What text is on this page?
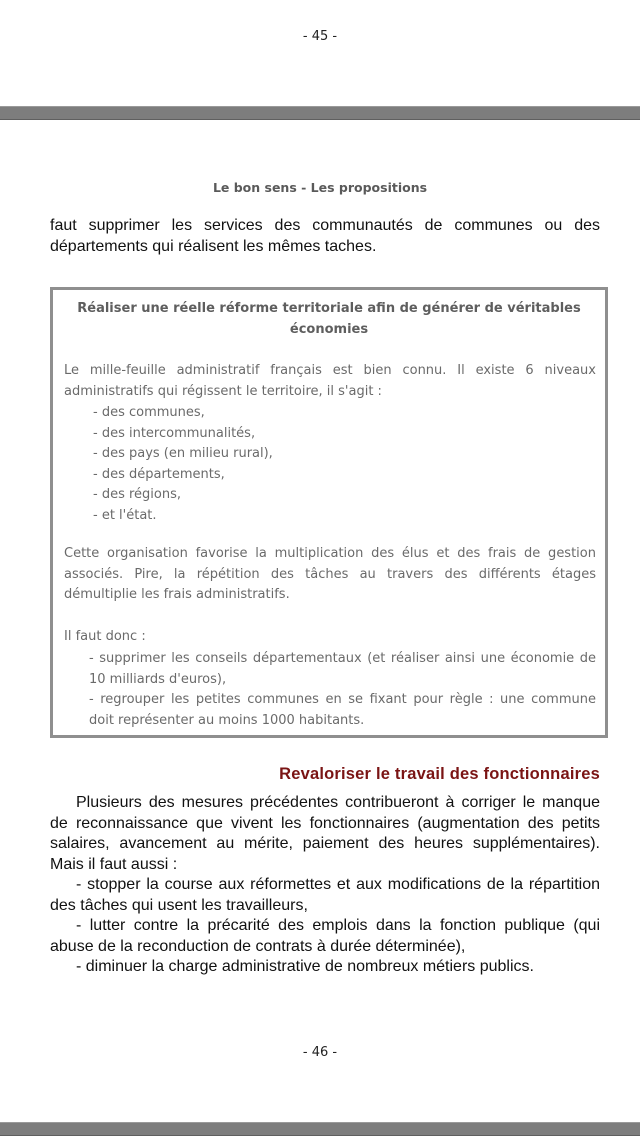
- 45 -
Le bon sens - Les propositions
faut supprimer les services des communautés de communes ou des départements qui réalisent les mêmes taches.
Réaliser une réelle réforme territoriale afin de générer de véritables économies
Le mille-feuille administratif français est bien connu. Il existe 6 niveaux administratifs qui régissent le territoire, il s'agit :
- des communes,
- des intercommunalités,
- des pays (en milieu rural),
- des départements,
- des régions,
- et l'état.
Cette organisation favorise la multiplication des élus et des frais de gestion associés. Pire, la répétition des tâches au travers des différents étages démultiplie les frais administratifs.
Il faut donc :
- supprimer les conseils départementaux (et réaliser ainsi une économie de 10 milliards d'euros),
- regrouper les petites communes en se fixant pour règle : une commune doit représenter au moins 1000 habitants.
Revaloriser le travail des fonctionnaires

Plusieurs des mesures précédentes contribueront à corriger le manque de reconnaissance que vivent les fonctionnaires (augmentation des petits salaires, avancement au mérite, paiement des heures supplémentaires). Mais il faut aussi :

- stopper la course aux réformettes et aux modifications de la répartition des tâches qui usent les travailleurs,

- lutter contre la précarité des emplois dans la fonction publique (qui abuse de la reconduction de contrats à durée déterminée),

- diminuer la charge administrative de nombreux métiers publics.

- 46 -
